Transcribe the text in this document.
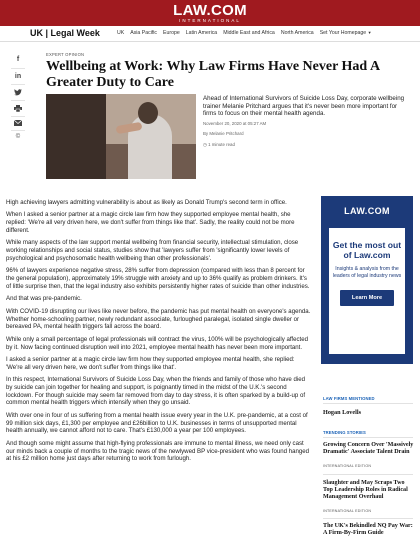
LAW.COM
INTERNATIONAL
UK | Legal Week	UK Asia Pacific Europe Latin America Middle East and Africa North America Set Your Homepage ▼
f
in
©
EXPERT OPINION
Wellbeing at Work: Why Law Firms Have Never Had A Greater Duty to Care

Ahead of International Survivors of Suicide Loss Day, corporate wellbeing trainer Melanie Pritchard argues that it's never been more important for firms to focus on their mental health agenda.

November 20, 2020 at 05:27 AM
By Melanie Pritchard
◷ 1 minute read

High achieving lawyers admitting vulnerability is about as likely as Donald Trump's second term in office.

When I asked a senior partner at a magic circle law firm how they supported employee mental health, she replied: 'We're all very driven here, we don't suffer from things like that'. Sadly, the reality could not be more different.

While many aspects of the law support mental wellbeing from financial security, intellectual stimulation, close working relationships and social status, studies show that 'lawyers suffer from 'significantly lower levels of psychological and psychosomatic health wellbeing than other professionals'.

96% of lawyers experience negative stress, 28% suffer from depression (compared with less than 8 percent for the general population), approximately 19% struggle with anxiety and up to 36% qualify as problem drinkers. It's of little surprise then, that the legal industry also exhibits persistently higher rates of suicide than other industries.

And that was pre-pandemic.

With COVID-19 disrupting our lives like never before, the pandemic has put mental health on everyone's agenda. Whether home-schooling partner, newly redundant associate, furloughed paralegal, isolated single dweller or bereaved PA, mental health triggers fall across the board.

While only a small percentage of legal professionals will contract the virus, 100% will be psychologically affected by it. Now facing continued disruption well into 2021, employee mental health has never been more important.

I asked a senior partner at a magic circle law firm how they supported employee mental health, she replied: 'We're all very driven here, we don't suffer from things like that'.

In this respect, International Survivors of Suicide Loss Day, when the friends and family of those who have died by suicide can join together for healing and support, is poignantly timed in the midst of the U.K.'s second lockdown. For though suicide may seem far removed from day to day stress, it is often sparked by a build-up of common mental health triggers which intensify when they go unsaid.

With over one in four of us suffering from a mental health issue every year in the U.K. pre-pandemic, at a cost of 99 million sick days, £1,300 per employee and £26billion to U.K. businesses in terms of unsupported mental health annually, we cannot afford not to care. That's £130,000 a year per 100 employees.

And though some might assume that high-flying professionals are immune to mental illness, we need only cast our minds back a couple of months to the tragic news of the newlywed BP vice-president who was found hanged at his £2 million home just days after returning to work from furlough.

LAW.COM
Get the most out of Law.com
Insights & analysis from the leaders of legal industry news
Learn More
LAW FIRMS MENTIONED
Hogan Lovells
TRENDING STORIES
Growing Concern Over 'Massively Dramatic' Associate Talent Drain
INTERNATIONAL EDITION
Slaughter and May Scraps Two Top Leadership Roles in Radical Management Overhaul
INTERNATIONAL EDITION
The UK's Bekindled NQ Pay War: A Firm-By-Firm Guide
